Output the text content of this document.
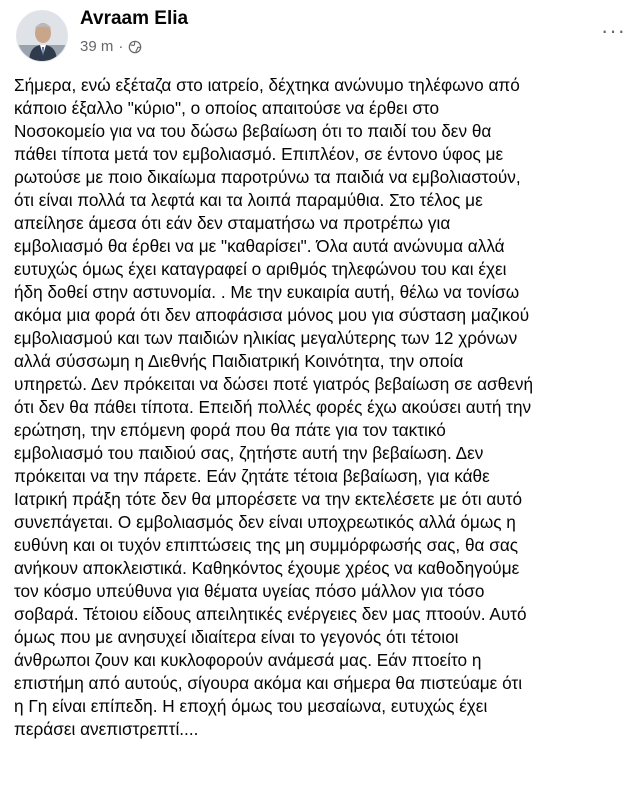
Avraam Elia
39 m ·
···
Σήμερα, ενώ εξέταζα στο ιατρείο, δέχτηκα ανώνυμο τηλέφωνο από
κάποιο έξαλλο "κύριο", ο οποίος απαιτούσε να έρθει στο
Νοσοκομείο για να του δώσω βεβαίωση ότι το παιδί του δεν θα
πάθει τίποτα μετά τον εμβολιασμό. Επιπλέον, σε έντονο ύφος με
ρωτούσε με ποιο δικαίωμα παροτρύνω τα παιδιά να εμβολιαστούν,
ότι είναι πολλά τα λεφτά και τα λοιπά παραμύθια. Στο τέλος με
απείλησε άμεσα ότι εάν δεν σταματήσω να προτρέπω για
εμβολιασμό θα έρθει να με "καθαρίσει". Όλα αυτά ανώνυμα αλλά
ευτυχώς όμως έχει καταγραφεί ο αριθμός τηλεφώνου του και έχει
ήδη δοθεί στην αστυνομία. . Με την ευκαιρία αυτή, θέλω να τονίσω
ακόμα μια φορά ότι δεν αποφάσισα μόνος μου για σύσταση μαζικού
εμβολιασμού και των παιδιών ηλικίας μεγαλύτερης των 12 χρόνων
αλλά σύσσωμη η Διεθνής Παιδιατρική Κοινότητα, την οποία
υπηρετώ. Δεν πρόκειται να δώσει ποτέ γιατρός βεβαίωση σε ασθενή
ότι δεν θα πάθει τίποτα. Επειδή πολλές φορές έχω ακούσει αυτή την
ερώτηση, την επόμενη φορά που θα πάτε για τον τακτικό
εμβολιασμό του παιδιού σας, ζητήστε αυτή την βεβαίωση. Δεν
πρόκειται να την πάρετε. Εάν ζητάτε τέτοια βεβαίωση, για κάθε
Ιατρική πράξη τότε δεν θα μπορέσετε να την εκτελέσετε με ότι αυτό
συνεπάγεται. Ο εμβολιασμός δεν είναι υποχρεωτικός αλλά όμως η
ευθύνη και οι τυχόν επιπτώσεις της μη συμμόρφωσής σας, θα σας
ανήκουν αποκλειστικά. Καθηκόντος έχουμε χρέος να καθοδηγούμε
τον κόσμο υπεύθυνα για θέματα υγείας πόσο μάλλον για τόσο
σοβαρά. Τέτοιου είδους απειλητικές ενέργειες δεν μας πτοούν. Αυτό
όμως που με ανησυχεί ιδιαίτερα είναι το γεγονός ότι τέτοιοι
άνθρωποι ζουν και κυκλοφορούν ανάμεσά μας. Εάν πτοείτο η
επιστήμη από αυτούς, σίγουρα ακόμα και σήμερα θα πιστεύαμε ότι
η Γη είναι επίπεδη. Η εποχή όμως του μεσαίωνα, ευτυχώς έχει
περάσει ανεπιστρεπτί....
